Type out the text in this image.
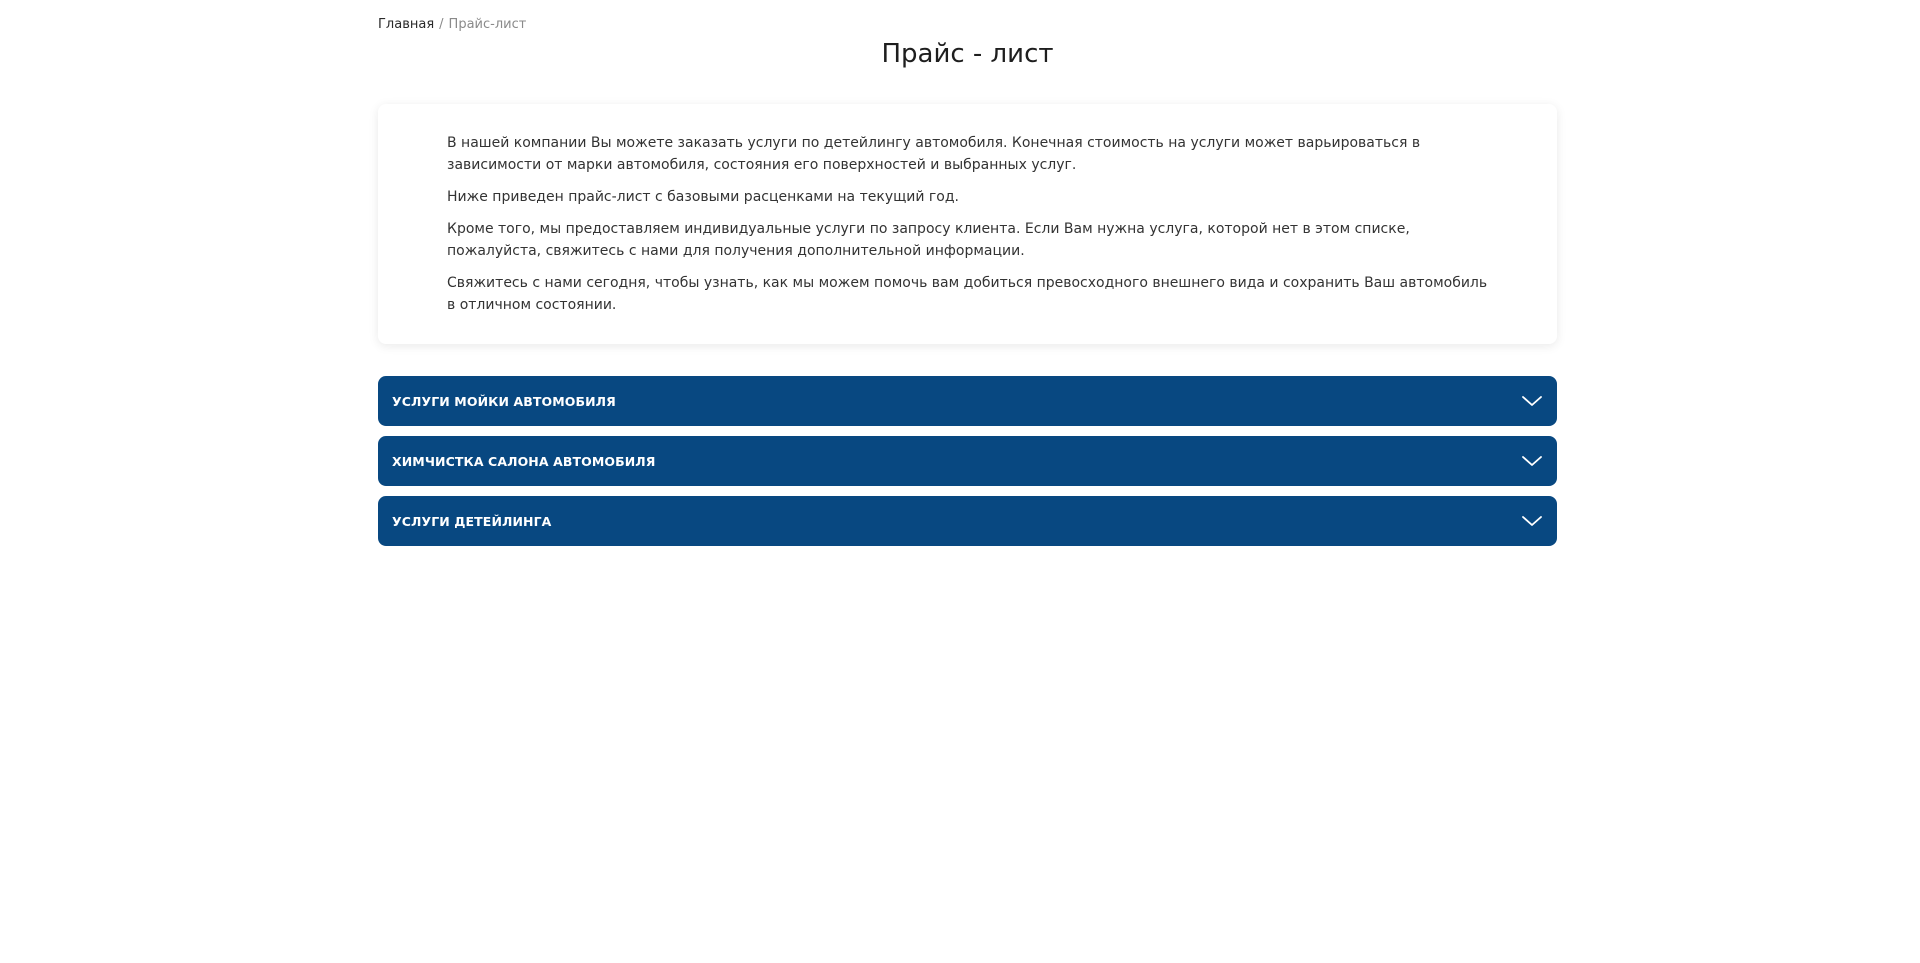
Главная / Прайс-лист
Прайс - лист

В нашей компании Вы можете заказать услуги по детейлингу автомобиля. Конечная стоимость на услуги может варьироваться в зависимости от марки автомобиля, состояния его поверхностей и выбранных услуг.

Ниже приведен прайс-лист с базовыми расценками на текущий год.

Кроме того, мы предоставляем индивидуальные услуги по запросу клиента. Если Вам нужна услуга, которой нет в этом списке, пожалуйста, свяжитесь с нами для получения дополнительной информации.

Свяжитесь с нами сегодня, чтобы узнать, как мы можем помочь вам добиться превосходного внешнего вида и сохранить Ваш автомобиль в отличном состоянии.

УСЛУГИ МОЙКИ АВТОМОБИЛЯ
ХИМЧИСТКА САЛОНА АВТОМОБИЛЯ
УСЛУГИ ДЕТЕЙЛИНГА
